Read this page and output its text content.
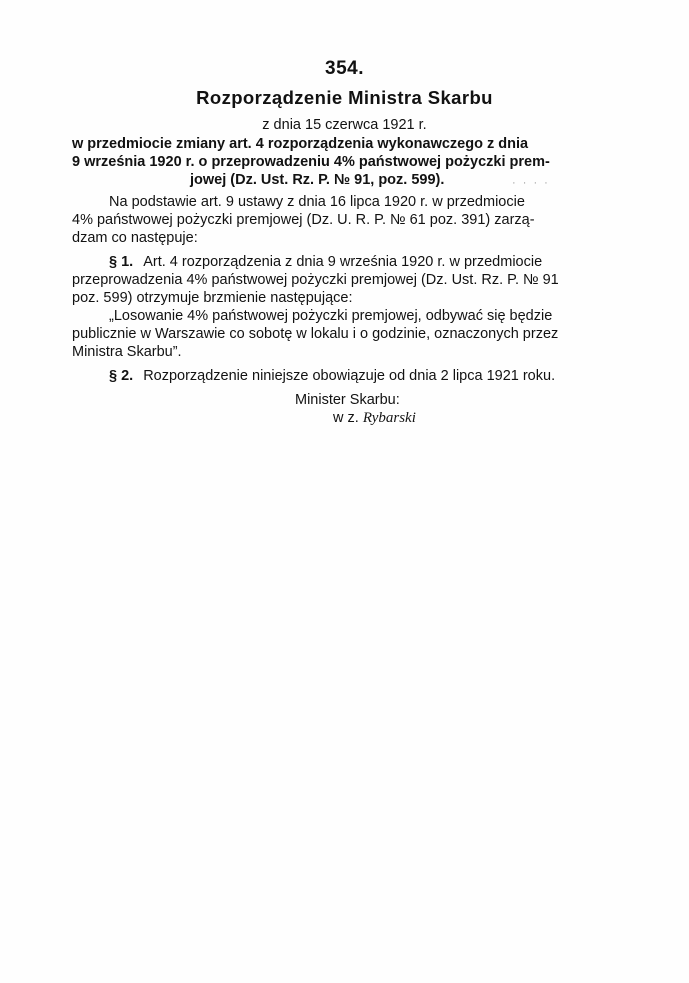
354.
Rozporządzenie Ministra Skarbu
z dnia 15 czerwca 1921 r.
w przedmiocie zmiany art. 4 rozporządzenia wykonawczego z dnia
9 września 1920 r. o przeprowadzeniu 4% państwowej pożyczki prem-
jowej (Dz. Ust. Rz. P. № 91, poz. 599).	· · · ·
Na podstawie art. 9 ustawy z dnia 16 lipca 1920 r. w przedmiocie
4% państwowej pożyczki premjowej (Dz. U. R. P. № 61 poz. 391) zarzą-
dzam co następuje:
§ 1. Art. 4 rozporządzenia z dnia 9 września 1920 r. w przedmiocie
przeprowadzenia 4% państwowej pożyczki premjowej (Dz. Ust. Rz. P. № 91
poz. 599) otrzymuje brzmienie następujące:
„Losowanie 4% państwowej pożyczki premjowej, odbywać się będzie
publicznie w Warszawie co sobotę w lokalu i o godzinie, oznaczonych przez
Ministra Skarbu”.
§ 2. Rozporządzenie niniejsze obowiązuje od dnia 2 lipca 1921 roku.
Minister Skarbu:
w z. Rybarski
